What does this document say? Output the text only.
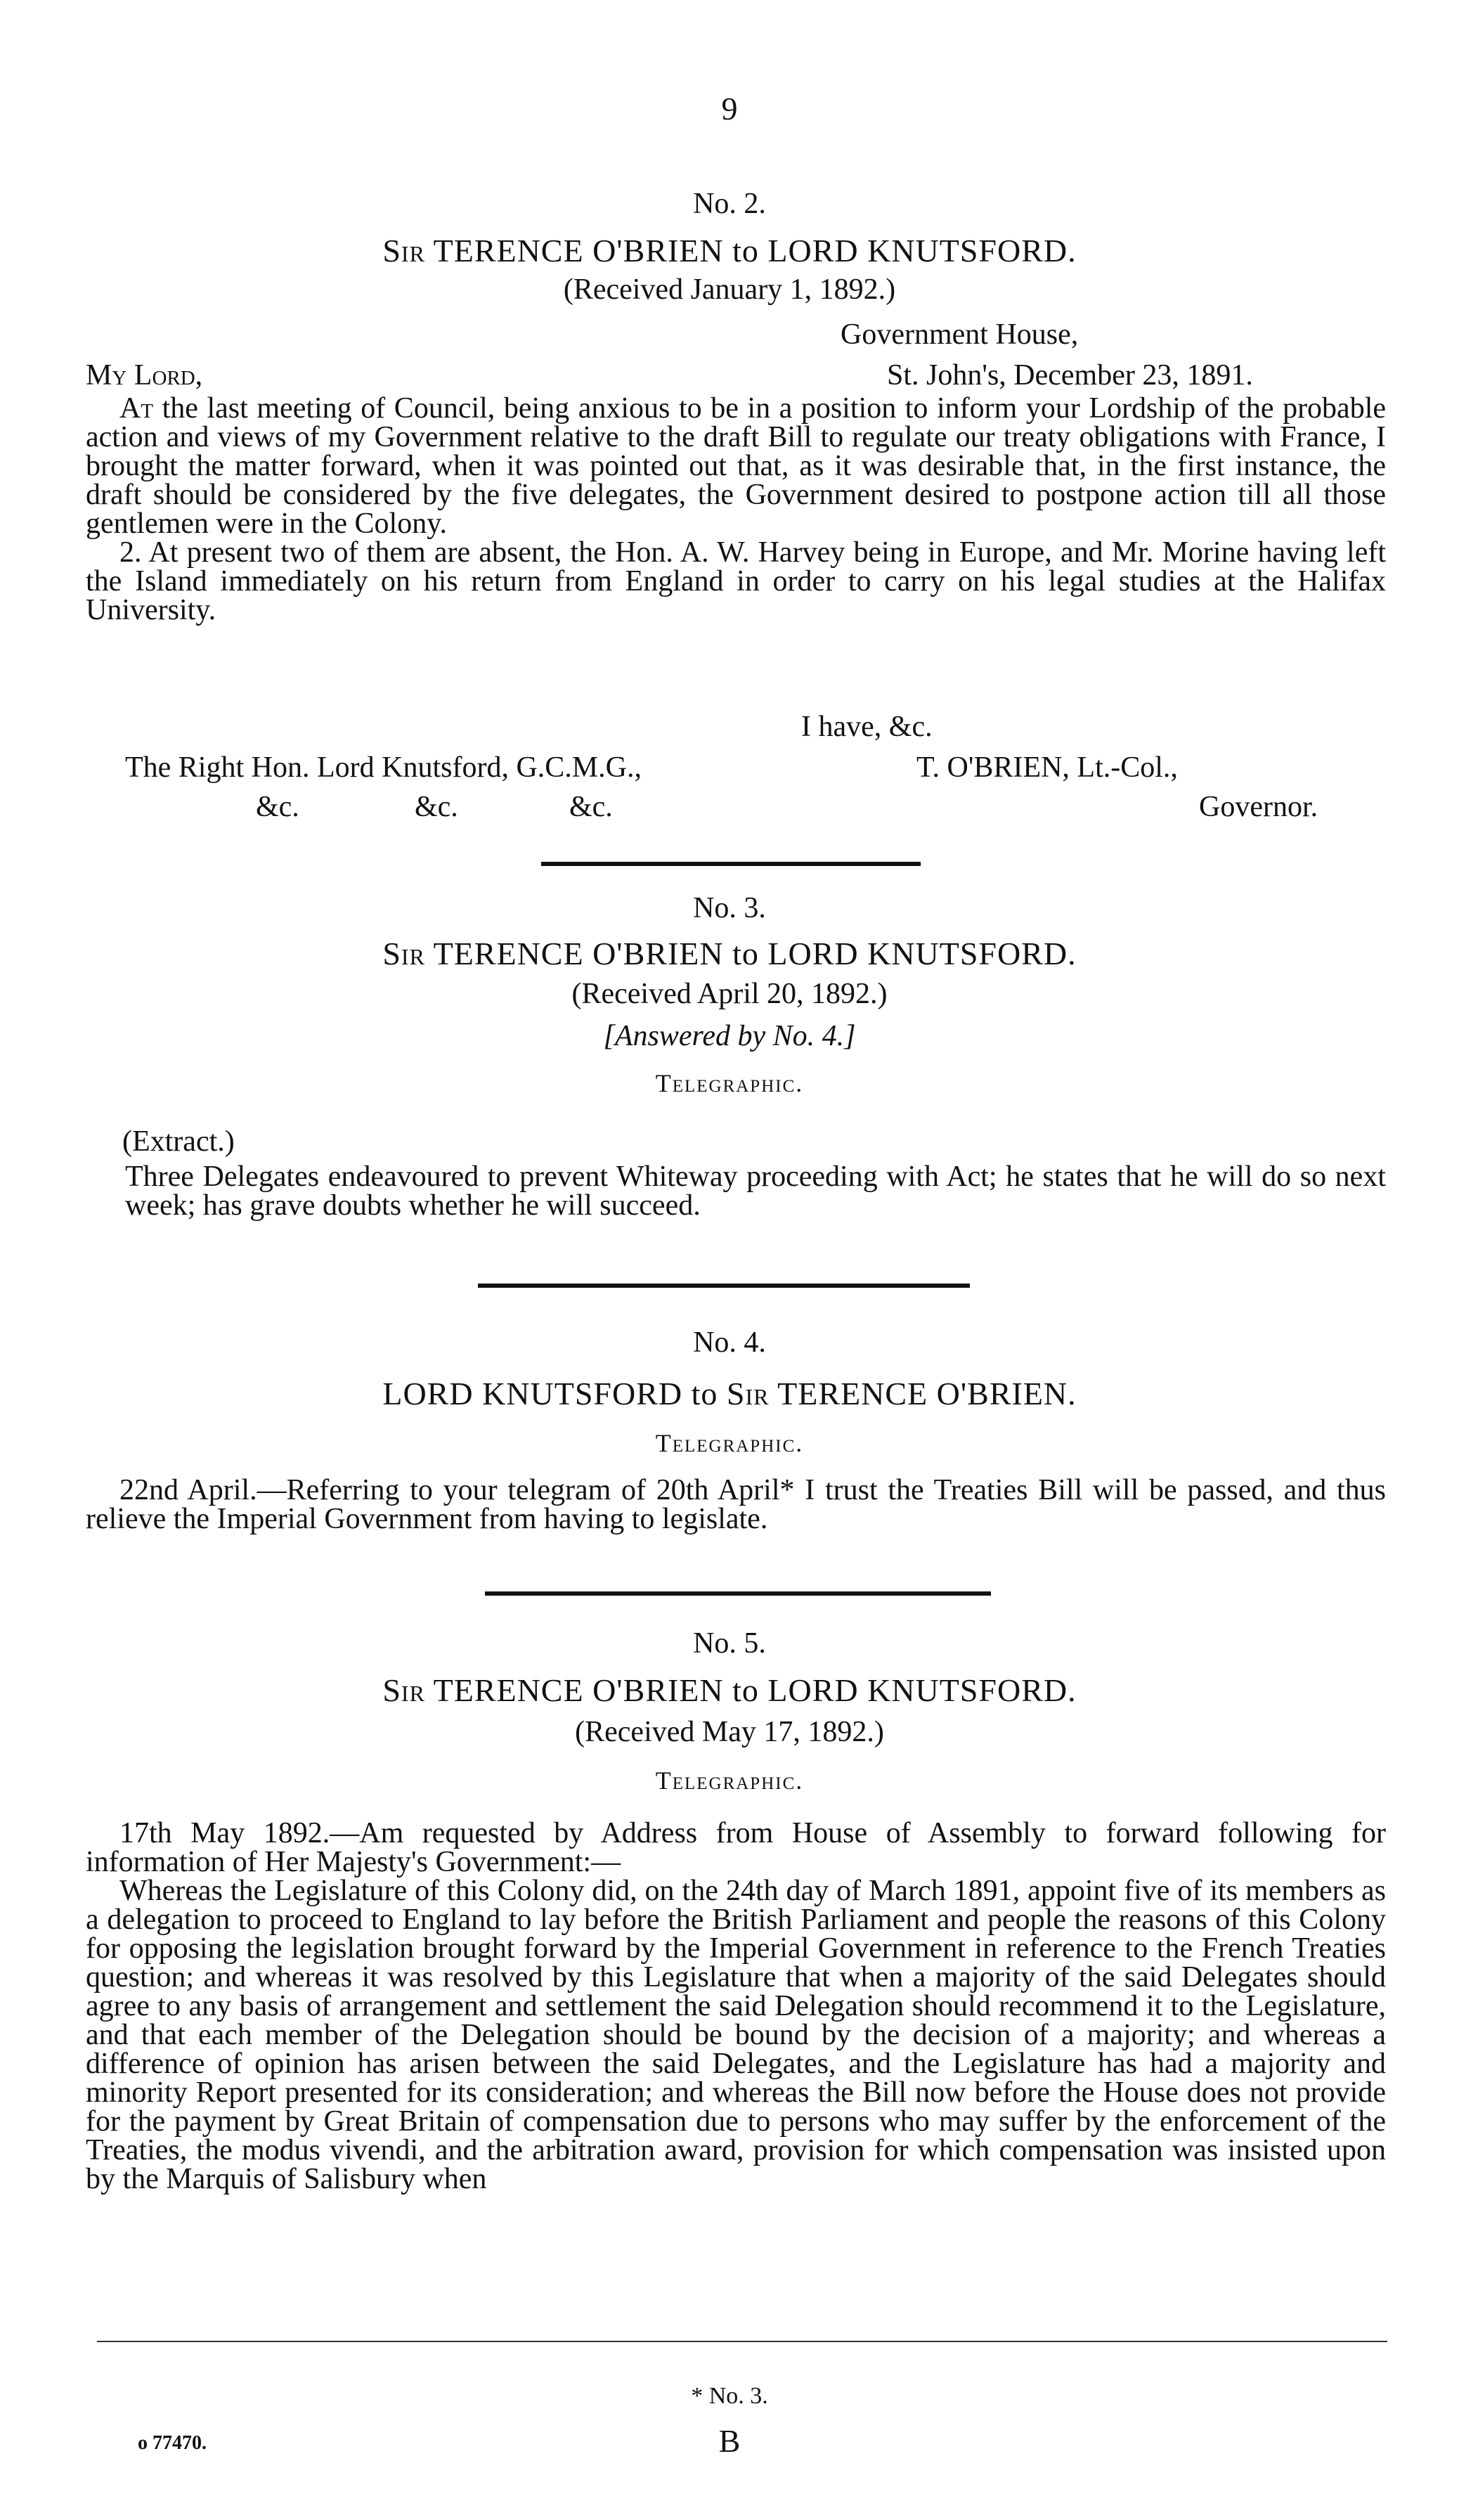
9
No. 2.
Sir TERENCE O'BRIEN to LORD KNUTSFORD.
(Received January 1, 1892.)
Government House,
My Lord,	St. John's, December 23, 1891.

At the last meeting of Council, being anxious to be in a position to inform your Lordship of the probable action and views of my Government relative to the draft Bill to regulate our treaty obligations with France, I brought the matter forward, when it was pointed out that, as it was desirable that, in the first instance, the draft should be considered by the five delegates, the Government desired to postpone action till all those gentlemen were in the Colony.

2. At present two of them are absent, the Hon. A. W. Harvey being in Europe, and Mr. Morine having left the Island immediately on his return from England in order to carry on his legal studies at the Halifax University.

I have, &c.
The Right Hon. Lord Knutsford, G.C.M.G.,	T. O'BRIEN, Lt.-Col.,
&c.	&c.	&c.	Governor.
No. 3.
Sir TERENCE O'BRIEN to LORD KNUTSFORD.
(Received April 20, 1892.)
[Answered by No. 4.]
Telegraphic.
(Extract.)

Three Delegates endeavoured to prevent Whiteway proceeding with Act; he states that he will do so next week; has grave doubts whether he will succeed.

No. 4.
LORD KNUTSFORD to Sir TERENCE O'BRIEN.
Telegraphic.

22nd April.—Referring to your telegram of 20th April* I trust the Treaties Bill will be passed, and thus relieve the Imperial Government from having to legislate.

No. 5.
Sir TERENCE O'BRIEN to LORD KNUTSFORD.
(Received May 17, 1892.)
Telegraphic.

17th May 1892.—Am requested by Address from House of Assembly to forward following for information of Her Majesty's Government:—

Whereas the Legislature of this Colony did, on the 24th day of March 1891, appoint five of its members as a delegation to proceed to England to lay before the British Parliament and people the reasons of this Colony for opposing the legislation brought forward by the Imperial Government in reference to the French Treaties question; and whereas it was resolved by this Legislature that when a majority of the said Delegates should agree to any basis of arrangement and settlement the said Delegation should recommend it to the Legislature, and that each member of the Delegation should be bound by the decision of a majority; and whereas a difference of opinion has arisen between the said Delegates, and the Legislature has had a majority and minority Report presented for its consideration; and whereas the Bill now before the House does not provide for the payment by Great Britain of compensation due to persons who may suffer by the enforcement of the Treaties, the modus vivendi, and the arbitration award, provision for which compensation was insisted upon by the Marquis of Salisbury when

* No. 3.
o 77470.	B
